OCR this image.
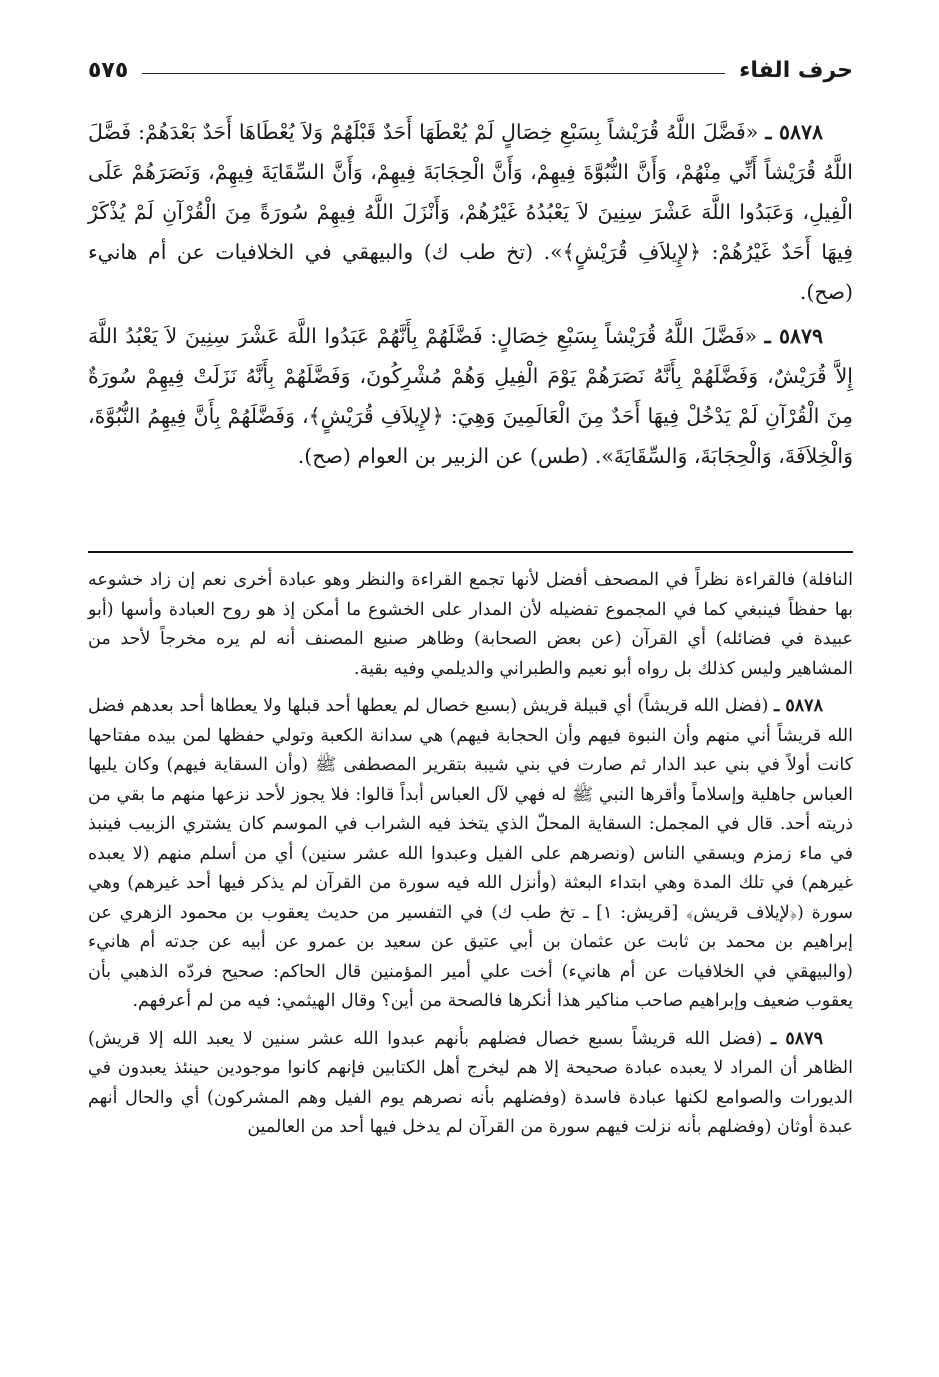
حرف الفاء
٥٧٥

٥٨٧٨ ـ «فَضَّلَ اللَّهُ قُرَيْشاً بِسَبْعِ خِصَالٍ لَمْ يُعْطَهَا أَحَدٌ قَبْلَهُمْ وَلاَ يُعْطَاهَا أَحَدٌ بَعْدَهُمْ: فَضَّلَ اللَّهُ قُرَيْشاً أَنِّي مِنْهُمْ، وَأَنَّ النُّبُوَّةَ فِيهِمْ، وَأَنَّ الْحِجَابَةَ فِيهِمْ، وَأَنَّ السِّقَايَةَ فِيهِمْ، وَنَصَرَهُمْ عَلَى الْفِيلِ، وَعَبَدُوا اللَّهَ عَشْرَ سِنِينَ لاَ يَعْبُدُهُ غَيْرُهُمْ، وَأَنْزَلَ اللَّهُ فِيهِمْ سُورَةً مِنَ الْقُرْآنِ لَمْ يُذْكَرْ فِيهَا أَحَدٌ غَيْرُهُمْ: ﴿لإِيلاَفِ قُرَيْشٍ﴾». (تخ طب ك) والبيهقي في الخلافيات عن أم هانيء (صح).

٥٨٧٩ ـ «فَضَّلَ اللَّهُ قُرَيْشاً بِسَبْعِ خِصَالٍ: فَضَّلَهُمْ بِأَنَّهُمْ عَبَدُوا اللَّهَ عَشْرَ سِنِينَ لاَ يَعْبُدُ اللَّهَ إِلاَّ قُرَيْشٌ، وَفَضَّلَهُمْ بِأَنَّهُ نَصَرَهُمْ يَوْمَ الْفِيلِ وَهُمْ مُشْرِكُونَ، وَفَضَّلَهُمْ بِأَنَّهُ نَزَلَتْ فِيهِمْ سُورَةٌ مِنَ الْقُرْآنِ لَمْ يَدْخُلْ فِيهَا أَحَدٌ مِنَ الْعَالَمِينَ وَهِيَ: ﴿لإِيلاَفِ قُرَيْشٍ﴾، وَفَضَّلَهُمْ بِأَنَّ فِيهِمُ النُّبُوَّةَ، وَالْخِلاَفَةَ، وَالْحِجَابَةَ، وَالسِّقَايَةَ». (طس) عن الزبير بن العوام (صح).

النافلة) فالقراءة نظراً في المصحف أفضل لأنها تجمع القراءة والنظر وهو عبادة أخرى نعم إن زاد خشوعه بها حفظاً فينبغي كما في المجموع تفضيله لأن المدار على الخشوع ما أمكن إذ هو روح العبادة وأسها (أبو عبيدة في فضائله) أي القرآن (عن بعض الصحابة) وظاهر صنيع المصنف أنه لم يره مخرجاً لأحد من المشاهير وليس كذلك بل رواه أبو نعيم والطبراني والديلمي وفيه بقية.

٥٨٧٨ ـ (فضل الله قريشاً) أي قبيلة قريش (بسبع خصال لم يعطها أحد قبلها ولا يعطاها أحد بعدهم فضل الله قريشاً أني منهم وأن النبوة فيهم وأن الحجابة فيهم) هي سدانة الكعبة وتولي حفظها لمن بيده مفتاحها كانت أولاً في بني عبد الدار ثم صارت في بني شيبة بتقرير المصطفى ﷺ (وأن السقاية فيهم) وكان يليها العباس جاهلية وإسلاماً وأقرها النبي ﷺ له فهي لآل العباس أبداً قالوا: فلا يجوز لأحد نزعها منهم ما بقي من ذريته أحد. قال في المجمل: السقاية المحلّ الذي يتخذ فيه الشراب في الموسم كان يشتري الزبيب فينبذ في ماء زمزم ويسقي الناس (ونصرهم على الفيل وعبدوا الله عشر سنين) أي من أسلم منهم (لا يعبده غيرهم) في تلك المدة وهي ابتداء البعثة (وأنزل الله فيه سورة من القرآن لم يذكر فيها أحد غيرهم) وهي سورة (﴿لإيلاف قريش﴾ [قريش: ١] ـ تخ طب ك) في التفسير من حديث يعقوب بن محمود الزهري عن إبراهيم بن محمد بن ثابت عن عثمان بن أبي عتيق عن سعيد بن عمرو عن أبيه عن جدته أم هانيء (والبيهقي في الخلافيات عن أم هانيء) أخت علي أمير المؤمنين قال الحاكم: صحيح فردّه الذهبي بأن يعقوب ضعيف وإبراهيم صاحب مناكير هذا أنكرها فالصحة من أين؟ وقال الهيثمي: فيه من لم أعرفهم.

٥٨٧٩ ـ (فضل الله قريشاً بسبع خصال فضلهم بأنهم عبدوا الله عشر سنين لا يعبد الله إلا قريش) الظاهر أن المراد لا يعبده عبادة صحيحة إلا هم ليخرج أهل الكتابين فإنهم كانوا موجودين حينئذ يعبدون في الديورات والصوامع لكنها عبادة فاسدة (وفضلهم بأنه نصرهم يوم الفيل وهم المشركون) أي والحال أنهم عبدة أوثان (وفضلهم بأنه نزلت فيهم سورة من القرآن لم يدخل فيها أحد من العالمين
